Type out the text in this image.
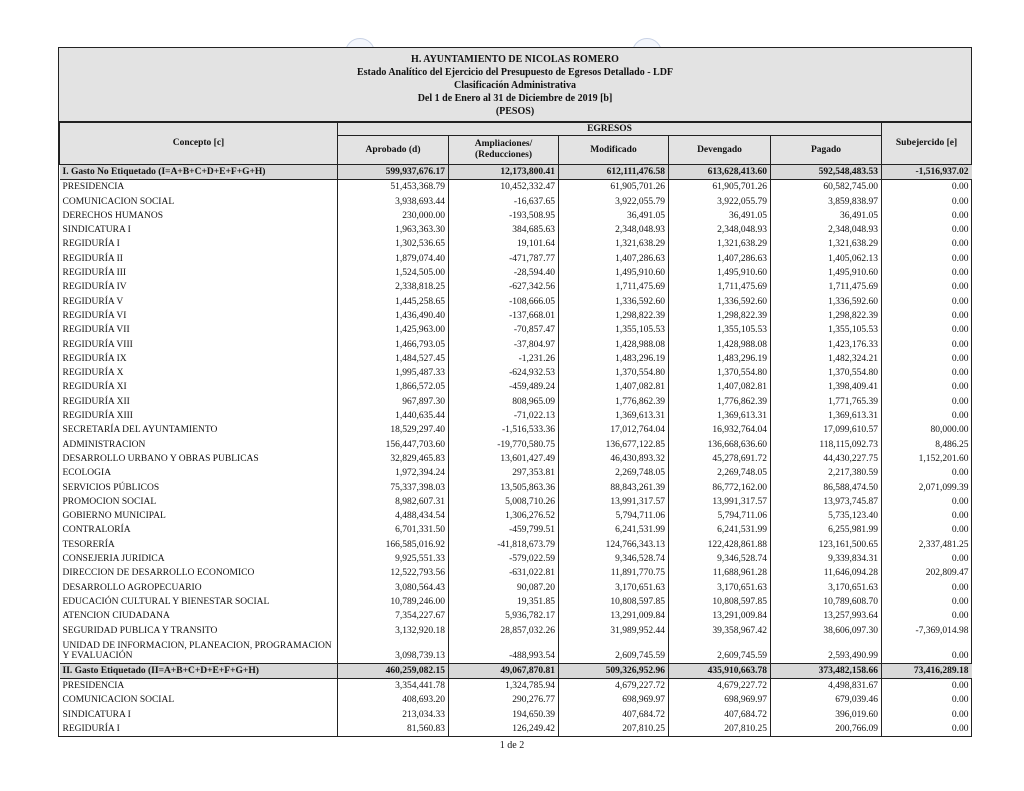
H. AYUNTAMIENTO DE NICOLAS ROMERO
Estado Analítico del Ejercicio del Presupuesto de Egresos Detallado - LDF
Clasificación Administrativa
Del 1 de Enero al 31 de Diciembre de 2019 [b]
(PESOS)
Concepto [c]	EGRESOS					Subejercido [e]
	Aprobado (d)	Ampliaciones/ (Reducciones)	Modificado	Devengado	Pagado	
I. Gasto No Etiquetado (I=A+B+C+D+E+F+G+H)	599,937,676.17	12,173,800.41	612,111,476.58	613,628,413.60	592,548,483.53	-1,516,937.02
PRESIDENCIA	51,453,368.79	10,452,332.47	61,905,701.26	61,905,701.26	60,582,745.00	0.00
COMUNICACION SOCIAL	3,938,693.44	-16,637.65	3,922,055.79	3,922,055.79	3,859,838.97	0.00
DERECHOS HUMANOS	230,000.00	-193,508.95	36,491.05	36,491.05	36,491.05	0.00
SINDICATURA I	1,963,363.30	384,685.63	2,348,048.93	2,348,048.93	2,348,048.93	0.00
REGIDURÍA I	1,302,536.65	19,101.64	1,321,638.29	1,321,638.29	1,321,638.29	0.00
REGIDURÍA II	1,879,074.40	-471,787.77	1,407,286.63	1,407,286.63	1,405,062.13	0.00
REGIDURÍA III	1,524,505.00	-28,594.40	1,495,910.60	1,495,910.60	1,495,910.60	0.00
REGIDURÍA IV	2,338,818.25	-627,342.56	1,711,475.69	1,711,475.69	1,711,475.69	0.00
REGIDURÍA V	1,445,258.65	-108,666.05	1,336,592.60	1,336,592.60	1,336,592.60	0.00
REGIDURÍA VI	1,436,490.40	-137,668.01	1,298,822.39	1,298,822.39	1,298,822.39	0.00
REGIDURÍA VII	1,425,963.00	-70,857.47	1,355,105.53	1,355,105.53	1,355,105.53	0.00
REGIDURÍA VIII	1,466,793.05	-37,804.97	1,428,988.08	1,428,988.08	1,423,176.33	0.00
REGIDURÍA IX	1,484,527.45	-1,231.26	1,483,296.19	1,483,296.19	1,482,324.21	0.00
REGIDURÍA X	1,995,487.33	-624,932.53	1,370,554.80	1,370,554.80	1,370,554.80	0.00
REGIDURÍA XI	1,866,572.05	-459,489.24	1,407,082.81	1,407,082.81	1,398,409.41	0.00
REGIDURÍA XII	967,897.30	808,965.09	1,776,862.39	1,776,862.39	1,771,765.39	0.00
REGIDURÍA XIII	1,440,635.44	-71,022.13	1,369,613.31	1,369,613.31	1,369,613.31	0.00
SECRETARÍA DEL AYUNTAMIENTO	18,529,297.40	-1,516,533.36	17,012,764.04	16,932,764.04	17,099,610.57	80,000.00
ADMINISTRACION	156,447,703.60	-19,770,580.75	136,677,122.85	136,668,636.60	118,115,092.73	8,486.25
DESARROLLO URBANO Y OBRAS PUBLICAS	32,829,465.83	13,601,427.49	46,430,893.32	45,278,691.72	44,430,227.75	1,152,201.60
ECOLOGIA	1,972,394.24	297,353.81	2,269,748.05	2,269,748.05	2,217,380.59	0.00
SERVICIOS PÚBLICOS	75,337,398.03	13,505,863.36	88,843,261.39	86,772,162.00	86,588,474.50	2,071,099.39
PROMOCION SOCIAL	8,982,607.31	5,008,710.26	13,991,317.57	13,991,317.57	13,973,745.87	0.00
GOBIERNO MUNICIPAL	4,488,434.54	1,306,276.52	5,794,711.06	5,794,711.06	5,735,123.40	0.00
CONTRALORÍA	6,701,331.50	-459,799.51	6,241,531.99	6,241,531.99	6,255,981.99	0.00
TESORERÍA	166,585,016.92	-41,818,673.79	124,766,343.13	122,428,861.88	123,161,500.65	2,337,481.25
CONSEJERIA JURIDICA	9,925,551.33	-579,022.59	9,346,528.74	9,346,528.74	9,339,834.31	0.00
DIRECCION DE DESARROLLO ECONOMICO	12,522,793.56	-631,022.81	11,891,770.75	11,688,961.28	11,646,094.28	202,809.47
DESARROLLO AGROPECUARIO	3,080,564.43	90,087.20	3,170,651.63	3,170,651.63	3,170,651.63	0.00
EDUCACIÓN CULTURAL Y BIENESTAR SOCIAL	10,789,246.00	19,351.85	10,808,597.85	10,808,597.85	10,789,608.70	0.00
ATENCION CIUDADANA	7,354,227.67	5,936,782.17	13,291,009.84	13,291,009.84	13,257,993.64	0.00
SEGURIDAD PUBLICA Y TRANSITO	3,132,920.18	28,857,032.26	31,989,952.44	39,358,967.42	38,606,097.30	-7,369,014.98
UNIDAD DE INFORMACION, PLANEACION, PROGRAMACION Y EVALUACIÓN	3,098,739.13	-488,993.54	2,609,745.59	2,609,745.59	2,593,490.99	0.00
II. Gasto Etiquetado (II=A+B+C+D+E+F+G+H)	460,259,082.15	49,067,870.81	509,326,952.96	435,910,663.78	373,482,158.66	73,416,289.18
PRESIDENCIA	3,354,441.78	1,324,785.94	4,679,227.72	4,679,227.72	4,498,831.67	0.00
COMUNICACION SOCIAL	408,693.20	290,276.77	698,969.97	698,969.97	679,039.46	0.00
SINDICATURA I	213,034.33	194,650.39	407,684.72	407,684.72	396,019.60	0.00
REGIDURÍA I	81,560.83	126,249.42	207,810.25	207,810.25	200,766.09	0.00
1 de 2
